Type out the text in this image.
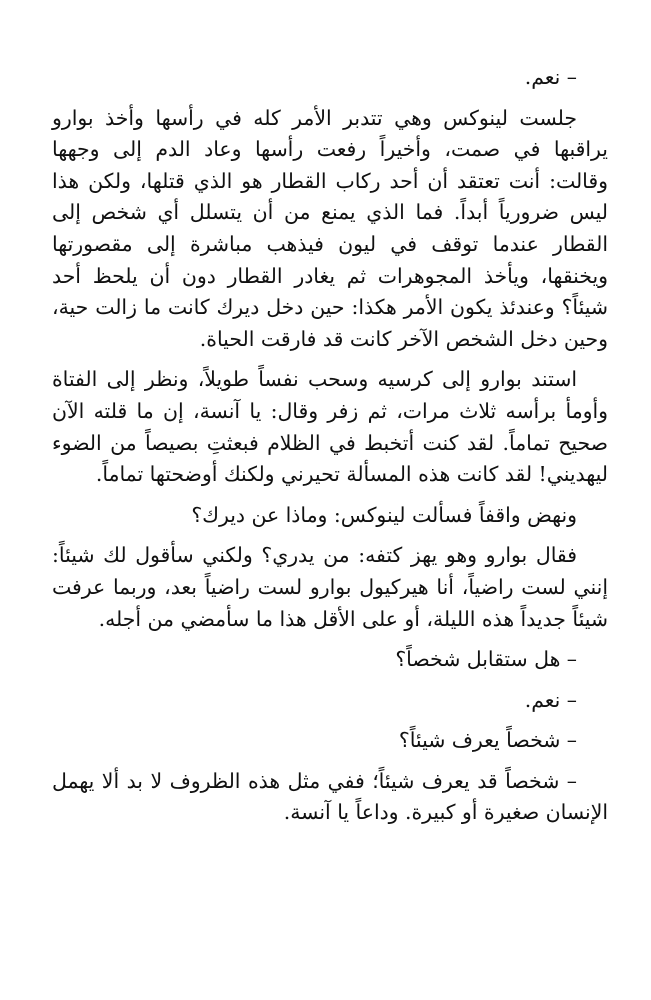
– نعم.

جلست لينوكس وهي تتدبر الأمر كله في رأسها وأخذ بوارو يراقبها في صمت، وأخيراً رفعت رأسها وعاد الدم إلى وجهها وقالت: أنت تعتقد أن أحد ركاب القطار هو الذي قتلها، ولكن هذا ليس ضرورياً أبداً. فما الذي يمنع من أن يتسلل أي شخص إلى القطار عندما توقف في ليون فيذهب مباشرة إلى مقصورتها ويخنقها، ويأخذ المجوهرات ثم يغادر القطار دون أن يلحظ أحد شيئاً؟ وعندئذ يكون الأمر هكذا: حين دخل ديرك كانت ما زالت حية، وحين دخل الشخص الآخر كانت قد فارقت الحياة.

استند بوارو إلى كرسيه وسحب نفساً طويلاً، ونظر إلى الفتاة وأومأ برأسه ثلاث مرات، ثم زفر وقال: يا آنسة، إن ما قلته الآن صحيح تماماً. لقد كنت أتخبط في الظلام فبعثتِ بصيصاً من الضوء ليهديني! لقد كانت هذه المسألة تحيرني ولكنك أوضحتها تماماً.

ونهض واقفاً فسألت لينوكس: وماذا عن ديرك؟

فقال بوارو وهو يهز كتفه: من يدري؟ ولكني سأقول لك شيئاً: إنني لست راضياً، أنا هيركيول بوارو لست راضياً بعد، وربما عرفت شيئاً جديداً هذه الليلة، أو على الأقل هذا ما سأمضي من أجله.

– هل ستقابل شخصاً؟

– نعم.

– شخصاً يعرف شيئاً؟

– شخصاً قد يعرف شيئاً؛ ففي مثل هذه الظروف لا بد ألا يهمل الإنسان صغيرة أو كبيرة. وداعاً يا آنسة.
